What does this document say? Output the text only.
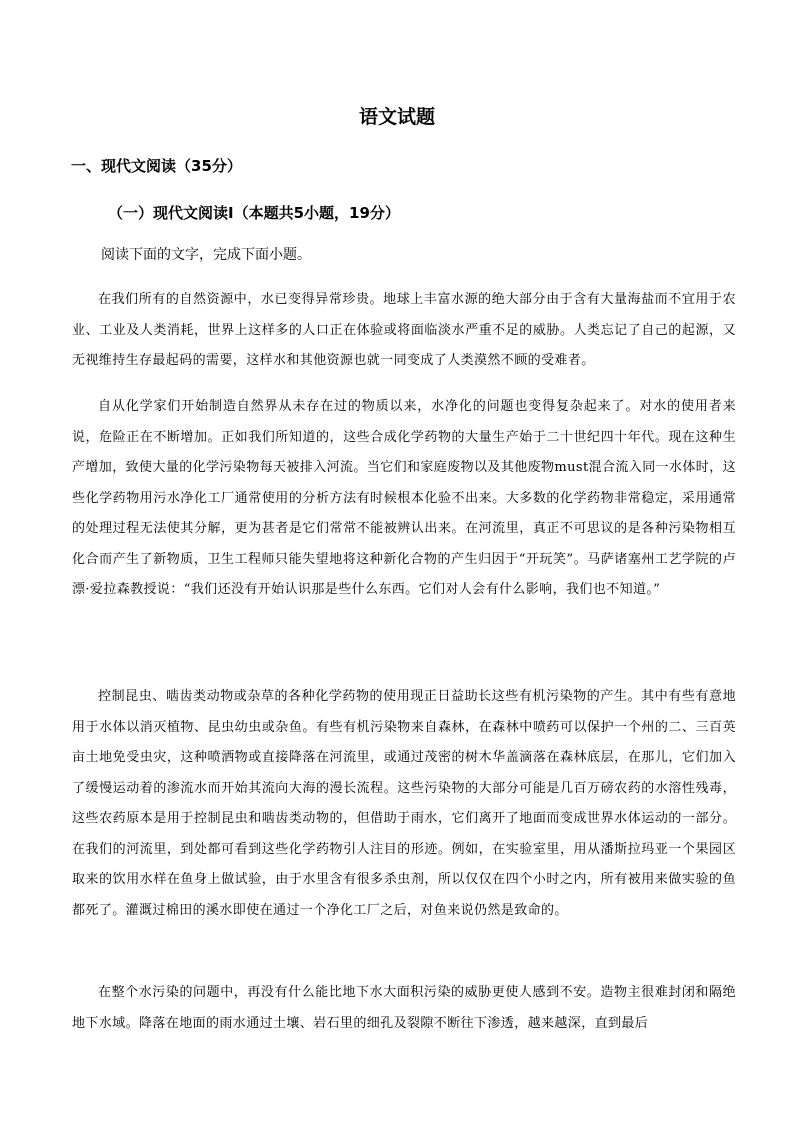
语文试题
一、现代文阅读（35分）
（一）现代文阅读Ⅰ（本题共5小题，19分）

阅读下面的文字，完成下面小题。

在我们所有的自然资源中，水已变得异常珍贵。地球上丰富水源的绝大部分由于含有大量海盐而不宜用于农业、工业及人类消耗，世界上这样多的人口正在体验或将面临淡水严重不足的威胁。人类忘记了自己的起源，又无视维持生存最起码的需要，这样水和其他资源也就一同变成了人类漠然不顾的受难者。

自从化学家们开始制造自然界从未存在过的物质以来，水净化的问题也变得复杂起来了。对水的使用者来说，危险正在不断增加。正如我们所知道的，这些合成化学药物的大量生产始于二十世纪四十年代。现在这种生产增加，致使大量的化学污染物每天被排入河流。当它们和家庭废物以及其他废物must混合流入同一水体时，这些化学药物用污水净化工厂通常使用的分析方法有时候根本化验不出来。大多数的化学药物非常稳定，采用通常的处理过程无法使其分解，更为甚者是它们常常不能被辨认出来。在河流里，真正不可思议的是各种污染物相互化合而产生了新物质，卫生工程师只能失望地将这种新化合物的产生归因于“开玩笑”。马萨诸塞州工艺学院的卢漂·爱拉森教授说：“我们还没有开始认识那是些什么东西。它们对人会有什么影响，我们也不知道。”

控制昆虫、啮齿类动物或杂草的各种化学药物的使用现正日益助长这些有机污染物的产生。其中有些有意地用于水体以消灭植物、昆虫幼虫或杂鱼。有些有机污染物来自森林，在森林中喷药可以保护一个州的二、三百英亩土地免受虫灾，这种喷洒物或直接降落在河流里，或通过茂密的树木华盖滴落在森林底层，在那儿，它们加入了缓慢运动着的渗流水而开始其流向大海的漫长流程。这些污染物的大部分可能是几百万磅农药的水溶性残毒，这些农药原本是用于控制昆虫和啮齿类动物的，但借助于雨水，它们离开了地面而变成世界水体运动的一部分。在我们的河流里，到处都可看到这些化学药物引人注目的形迹。例如，在实验室里，用从潘斯拉玛亚一个果园区取来的饮用水样在鱼身上做试验，由于水里含有很多杀虫剂，所以仅仅在四个小时之内，所有被用来做实验的鱼都死了。灌溉过棉田的溪水即使在通过一个净化工厂之后，对鱼来说仍然是致命的。

在整个水污染的问题中，再没有什么能比地下水大面积污染的威胁更使人感到不安。造物主很难封闭和隔绝地下水域。降落在地面的雨水通过土壤、岩石里的细孔及裂隙不断往下渗透，越来越深，直到最后
